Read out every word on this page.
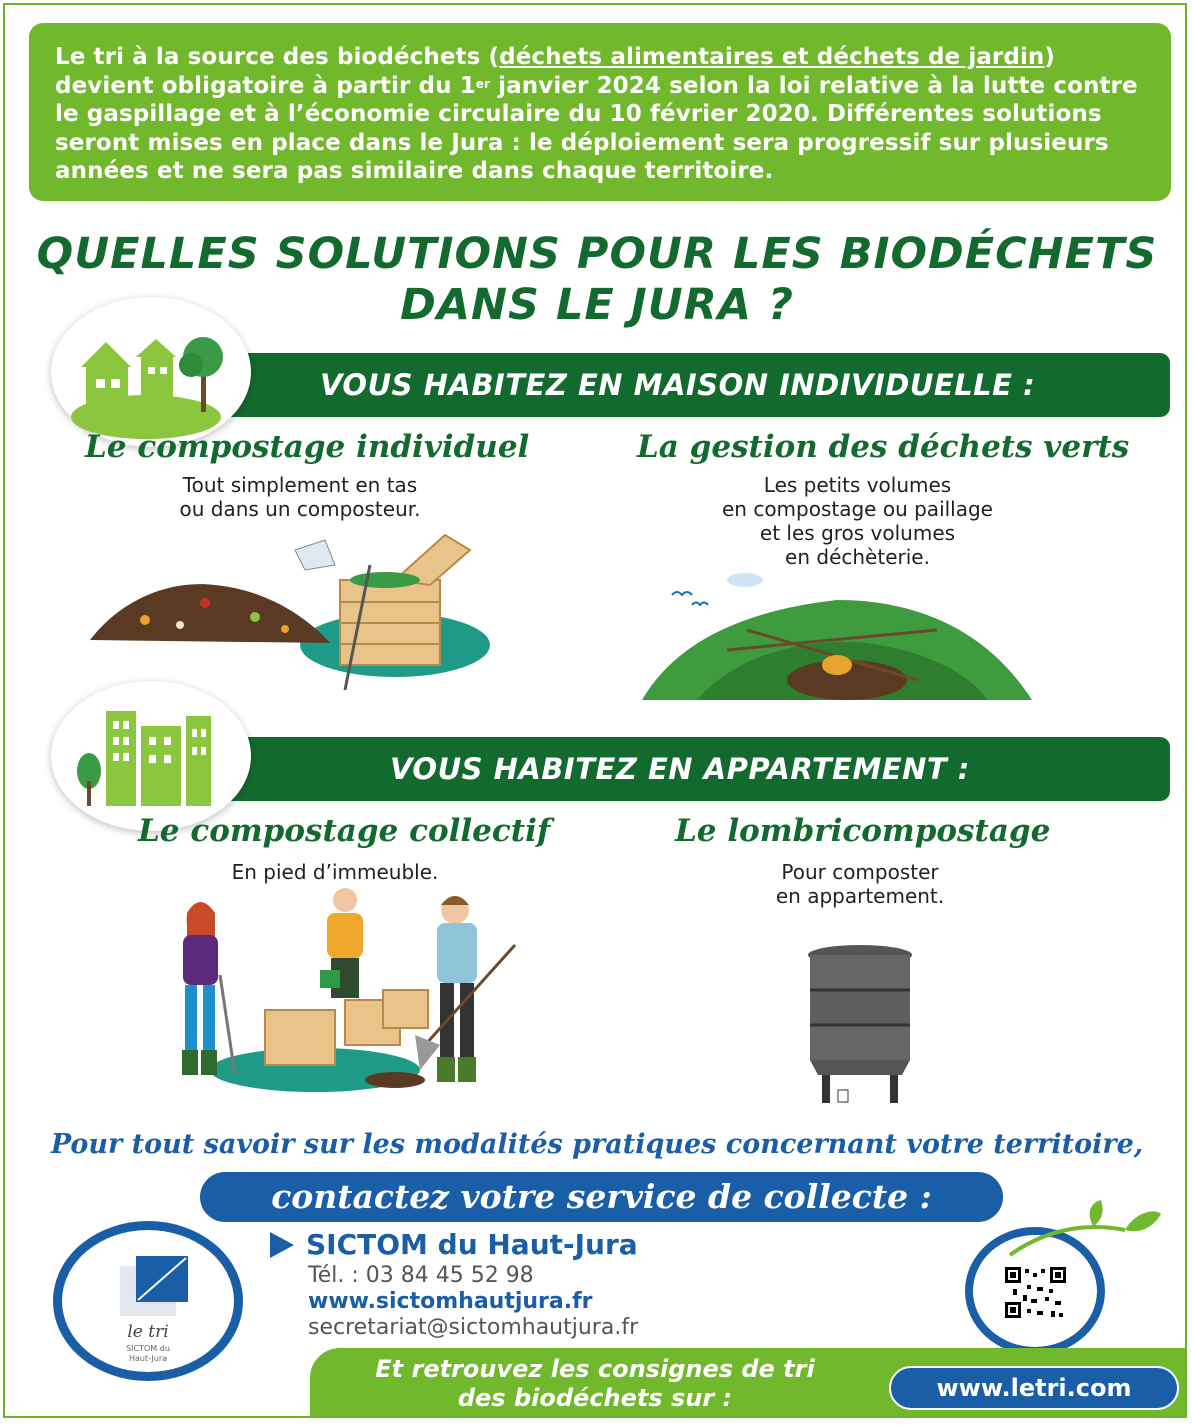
Le tri à la source des biodéchets (déchets alimentaires et déchets de jardin) devient obligatoire à partir du 1er janvier 2024 selon la loi relative à la lutte contre le gaspillage et à l’économie circulaire du 10 février 2020. Différentes solutions seront mises en place dans le Jura : le déploiement sera progressif sur plusieurs années et ne sera pas similaire dans chaque territoire.
QUELLES SOLUTIONS POUR LES BIODÉCHETS
DANS LE JURA ?
VOUS HABITEZ EN MAISON INDIVIDUELLE :
Le compostage individuel
Tout simplement en tas
ou dans un composteur.
La gestion des déchets verts
Les petits volumes
en compostage ou paillage
et les gros volumes
en déchèterie.
VOUS HABITEZ EN APPARTEMENT :
Le compostage collectif
En pied d’immeuble.
Le lombricompostage
Pour composter
en appartement.
Pour tout savoir sur les modalités pratiques concernant votre territoire,
contactez votre service de collecte :
le tri
SICTOM du
Haut-Jura
SICTOM du Haut-Jura
Tél. : 03 84 45 52 98
www.sictomhautjura.fr
secretariat@sictomhautjura.fr
Et retrouvez les consignes de tri
des biodéchets sur :	www.letri.com
